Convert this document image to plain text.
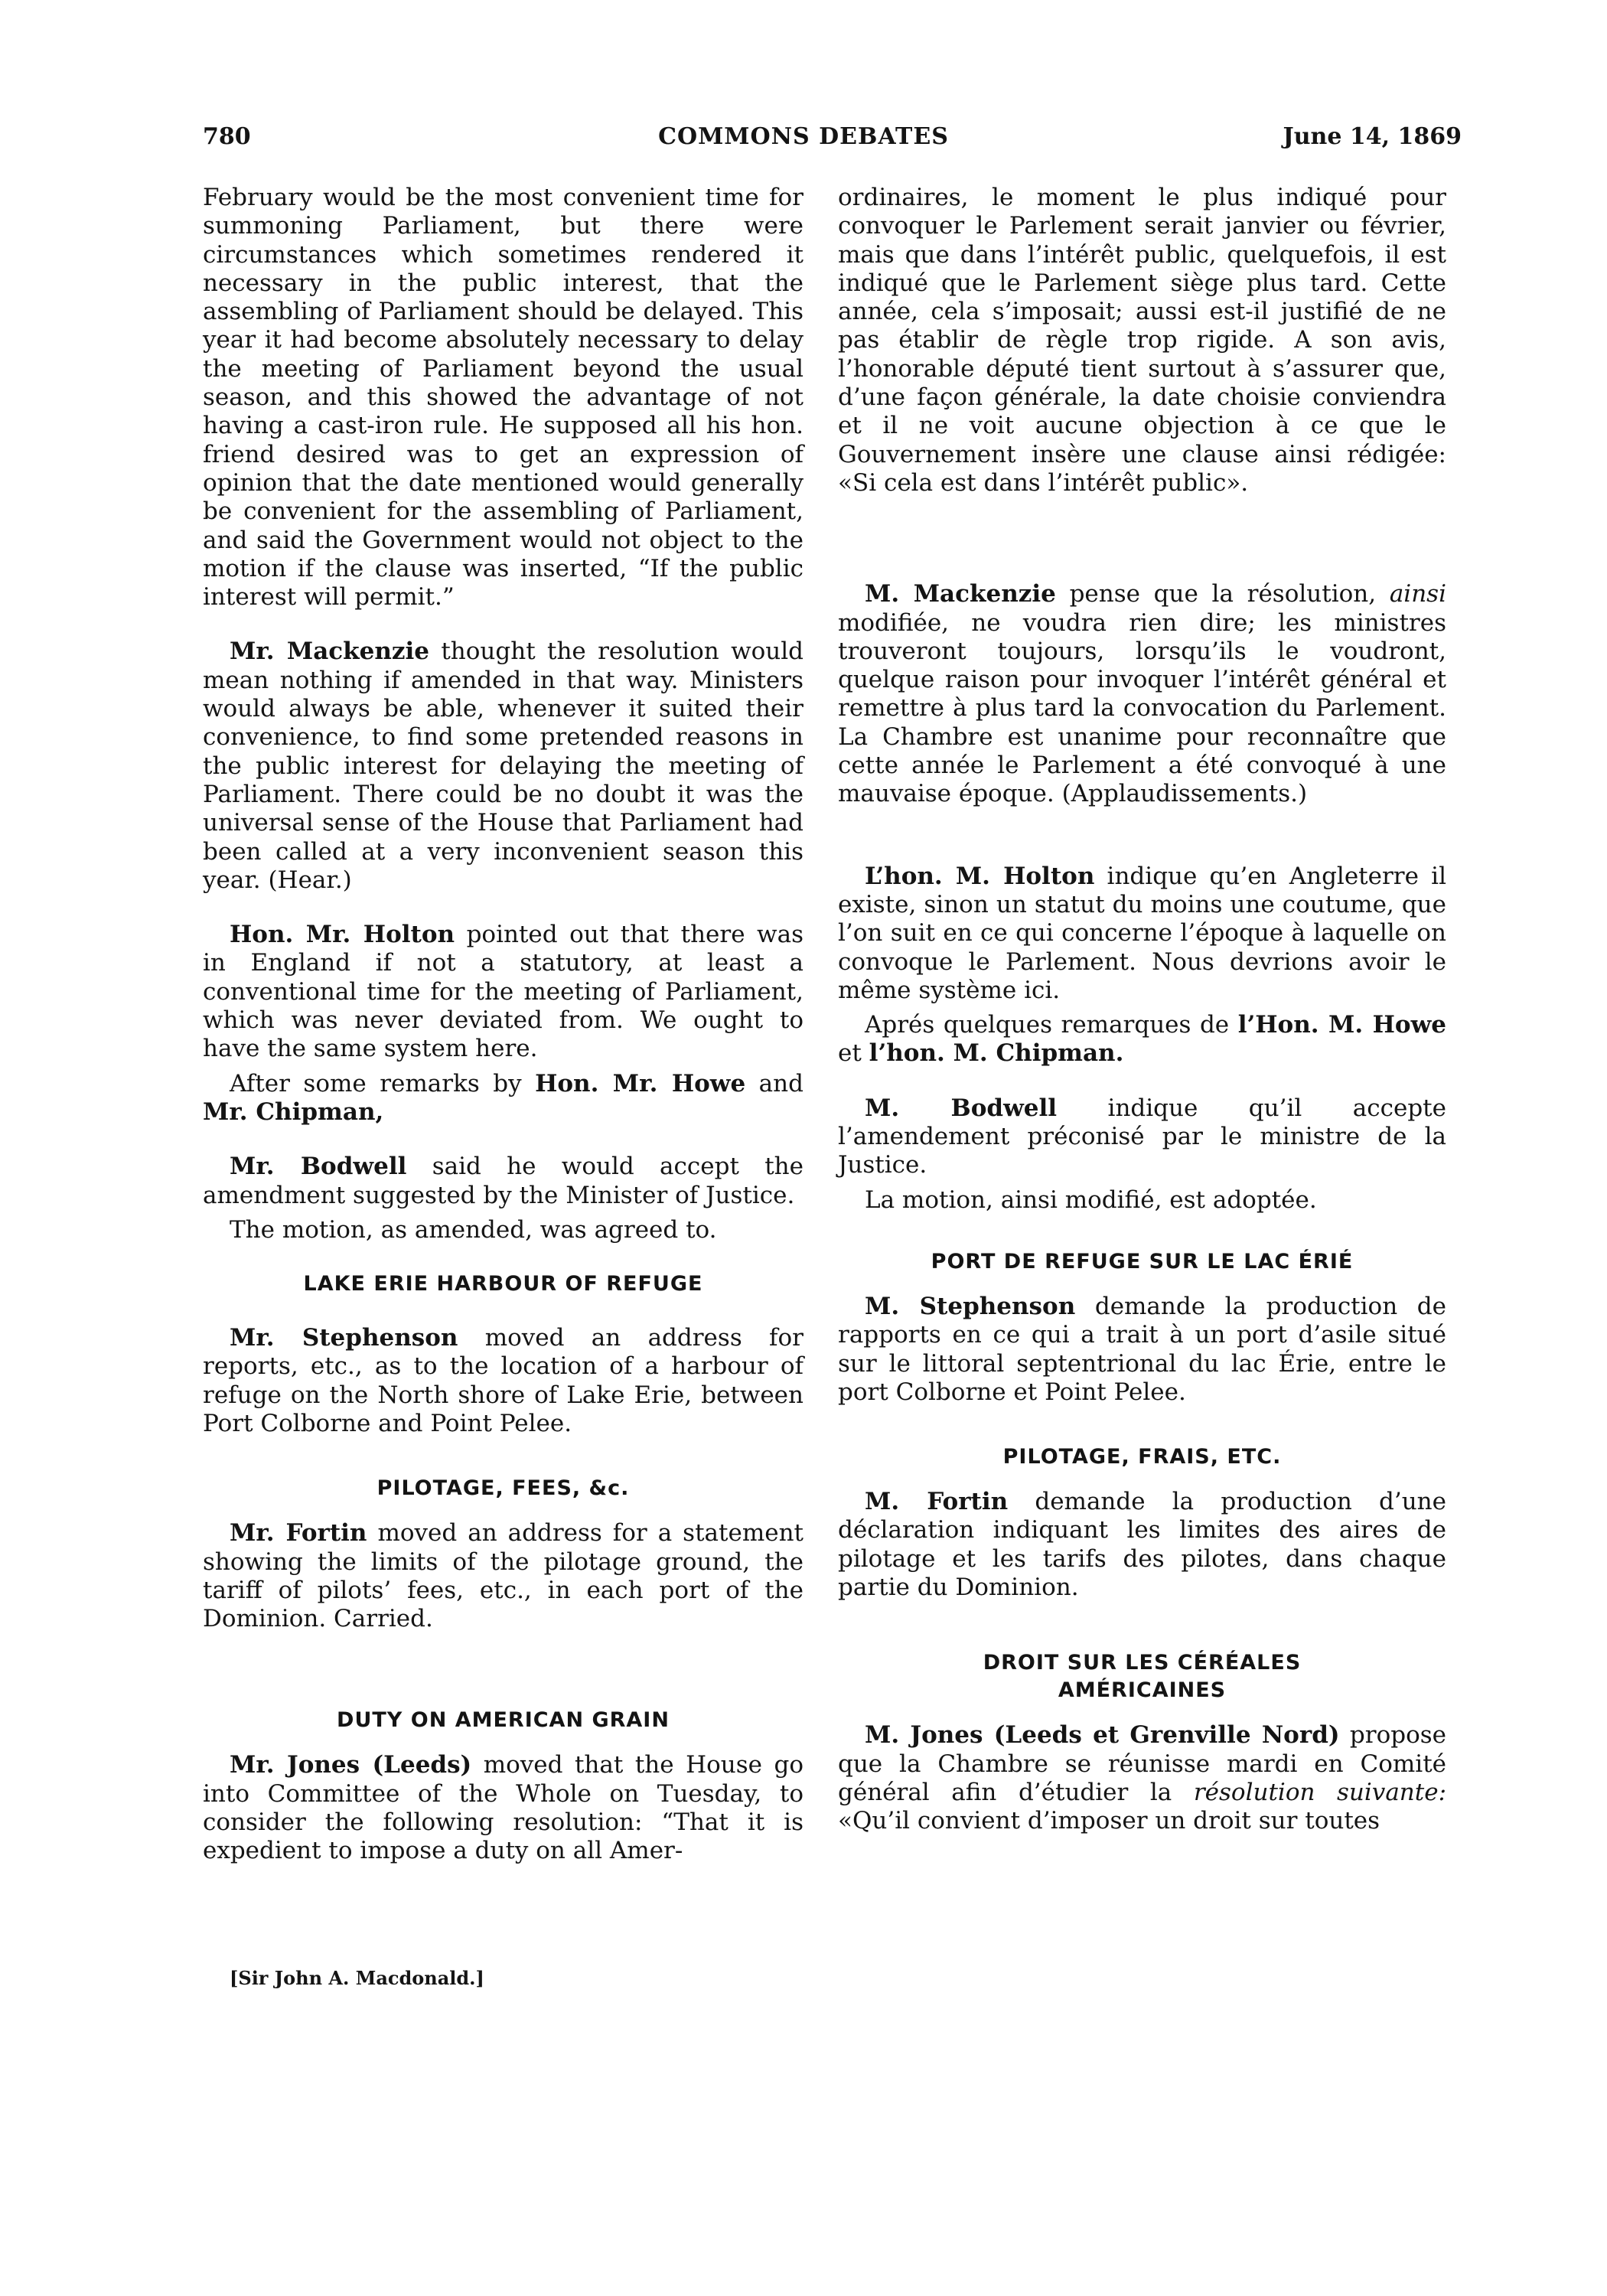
780	COMMONS DEBATES	June 14, 1869

February would be the most convenient time for summoning Parliament, but there were circumstances which sometimes rendered it necessary in the public interest, that the assembling of Parliament should be delayed. This year it had become absolutely necessary to delay the meeting of Parliament beyond the usual season, and this showed the advantage of not having a cast-iron rule. He supposed all his hon. friend desired was to get an expression of opinion that the date mentioned would generally be convenient for the assembling of Parliament, and said the Government would not object to the motion if the clause was inserted, “If the public interest will permit.”

Mr. Mackenzie thought the resolution would mean nothing if amended in that way. Ministers would always be able, whenever it suited their convenience, to find some pretended reasons in the public interest for delaying the meeting of Parliament. There could be no doubt it was the universal sense of the House that Parliament had been called at a very inconvenient season this year. (Hear.)

Hon. Mr. Holton pointed out that there was in England if not a statutory, at least a conventional time for the meeting of Parliament, which was never deviated from. We ought to have the same system here.

After some remarks by Hon. Mr. Howe and Mr. Chipman,

Mr. Bodwell said he would accept the amendment suggested by the Minister of Justice.

The motion, as amended, was agreed to.

LAKE ERIE HARBOUR OF REFUGE

Mr. Stephenson moved an address for reports, etc., as to the location of a harbour of refuge on the North shore of Lake Erie, between Port Colborne and Point Pelee.

PILOTAGE, FEES, &c.

Mr. Fortin moved an address for a statement showing the limits of the pilotage ground, the tariff of pilots’ fees, etc., in each port of the Dominion. Carried.

DUTY ON AMERICAN GRAIN

Mr. Jones (Leeds) moved that the House go into Committee of the Whole on Tuesday, to consider the following resolution: “That it is expedient to impose a duty on all Amer-

ordinaires, le moment le plus indiqué pour convoquer le Parlement serait janvier ou février, mais que dans l’intérêt public, quelquefois, il est indiqué que le Parlement siège plus tard. Cette année, cela s’imposait; aussi est-il justifié de ne pas établir de règle trop rigide. A son avis, l’honorable député tient surtout à s’assurer que, d’une façon générale, la date choisie conviendra et il ne voit aucune objection à ce que le Gouvernement insère une clause ainsi rédigée: «Si cela est dans l’intérêt public».

M. Mackenzie pense que la résolution, ainsi modifiée, ne voudra rien dire; les ministres trouveront toujours, lorsqu’ils le voudront, quelque raison pour invoquer l’intérêt général et remettre à plus tard la convocation du Parlement. La Chambre est unanime pour reconnaître que cette année le Parlement a été convoqué à une mauvaise époque. (Applaudissements.)

L’hon. M. Holton indique qu’en Angleterre il existe, sinon un statut du moins une coutume, que l’on suit en ce qui concerne l’époque à laquelle on convoque le Parlement. Nous devrions avoir le même système ici.

Aprés quelques remarques de l’Hon. M. Howe et l’hon. M. Chipman.

M. Bodwell indique qu’il accepte l’amendement préconisé par le ministre de la Justice.

La motion, ainsi modifié, est adoptée.

PORT DE REFUGE SUR LE LAC ÉRIÉ

M. Stephenson demande la production de rapports en ce qui a trait à un port d’asile situé sur le littoral septentrional du lac Érie, entre le port Colborne et Point Pelee.

PILOTAGE, FRAIS, ETC.

M. Fortin demande la production d’une déclaration indiquant les limites des aires de pilotage et les tarifs des pilotes, dans chaque partie du Dominion.

DROIT SUR LES CÉRÉALES
AMÉRICAINES

M. Jones (Leeds et Grenville Nord) propose que la Chambre se réunisse mardi en Comité général afin d’étudier la résolution suivante: «Qu’il convient d’imposer un droit sur toutes

[Sir John A. Macdonald.]
